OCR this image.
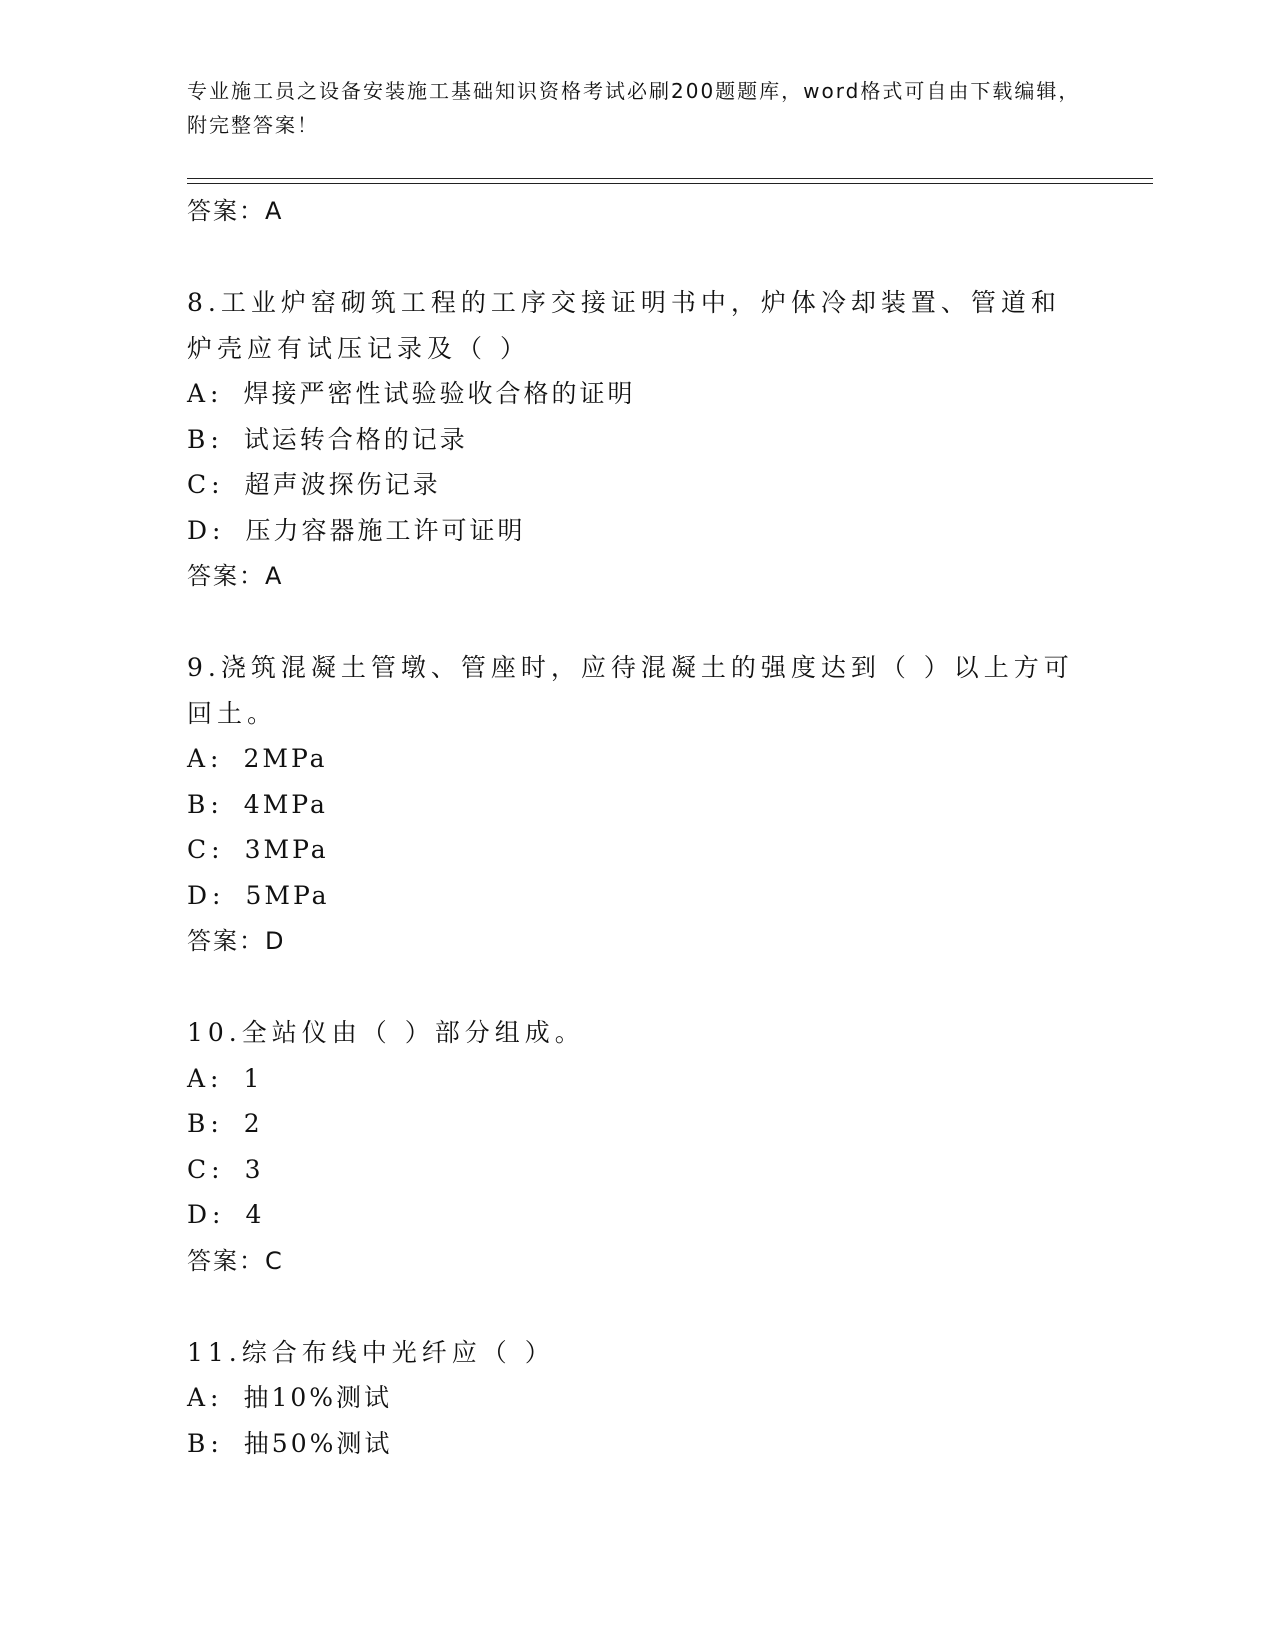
专业施工员之设备安装施工基础知识资格考试必刷200题题库，word格式可自由下载编辑，附完整答案！
答案：A
8.工业炉窑砌筑工程的工序交接证明书中，炉体冷却装置、管道和炉壳应有试压记录及（ ）
A: 焊接严密性试验验收合格的证明
B: 试运转合格的记录
C: 超声波探伤记录
D: 压力容器施工许可证明
答案：A
9.浇筑混凝土管墩、管座时，应待混凝土的强度达到（ ）以上方可回土。
A: 2MPa
B: 4MPa
C: 3MPa
D: 5MPa
答案：D
10.全站仪由（ ）部分组成。
A: 1
B: 2
C: 3
D: 4
答案：C
11.综合布线中光纤应（ ）
A: 抽10%测试
B: 抽50%测试
